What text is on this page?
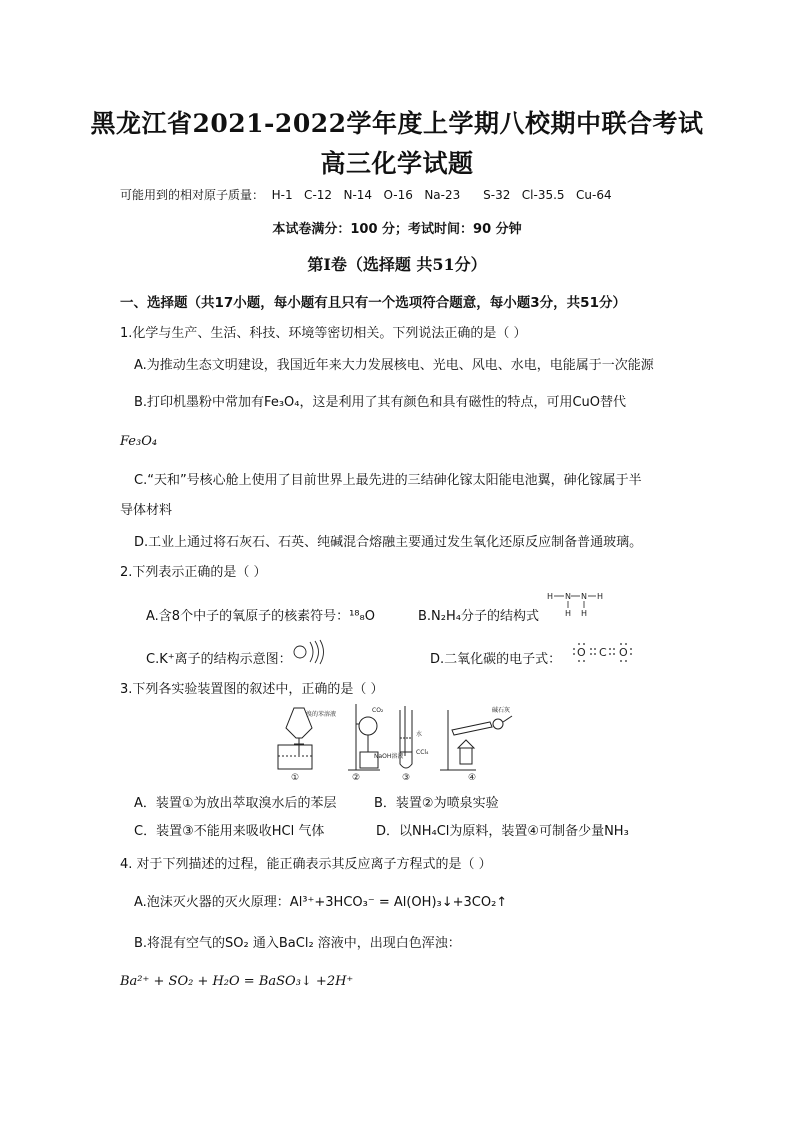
黑龙江省2021-2022学年度上学期八校期中联合考试
高三化学试题
可能用到的相对原子质量：  H-1   C-12   N-14   O-16   Na-23      S-32   Cl-35.5   Cu-64
本试卷满分：100 分；考试时间：90 分钟
第Ⅰ卷（选择题 共51分）
一、选择题（共17小题，每小题有且只有一个选项符合题意，每小题3分，共51分）
1.化学与生产、生活、科技、环境等密切相关。下列说法正确的是（ ）
A.为推动生态文明建设，我国近年来大力发展核电、光电、风电、水电，电能属于一次能源
B.打印机墨粉中常加有Fe₃O₄，这是利用了其有颜色和具有磁性的特点，可用CuO替代
Fe₃O₄
C.“天和”号核心舱上使用了目前世界上最先进的三结砷化镓太阳能电池翼，砷化镓属于半
导体材料
D.工业上通过将石灰石、石英、纯碱混合熔融主要通过发生氧化还原反应制备普通玻璃。
2.下列表示正确的是（ ）
A.含8个中子的氧原子的核素符号：¹⁸₈O	B.N₂H₄分子的结构式
H N N H
H H
C.K⁺离子的结构示意图：	D.二氧化碳的电子式： O C O
3.下列各实验装置图的叙述中，正确的是（ ）
溴的苯溶液
CO₂
NaOH溶液
水
CCl₄
碱石灰
①	②	③	④
A．装置①为放出萃取溴水后的苯层	B．装置②为喷泉实验
C．装置③不能用来吸收HCl 气体	D．以NH₄Cl为原料，装置④可制备少量NH₃
4. 对于下列描述的过程，能正确表示其反应离子方程式的是（ ）
A.泡沫灭火器的灭火原理：Al³⁺+3HCO₃⁻ = Al(OH)₃↓+3CO₂↑
B.将混有空气的SO₂ 通入BaCl₂ 溶液中，出现白色浑浊：
Ba²⁺ + SO₂ + H₂O = BaSO₃↓ +2H⁺
